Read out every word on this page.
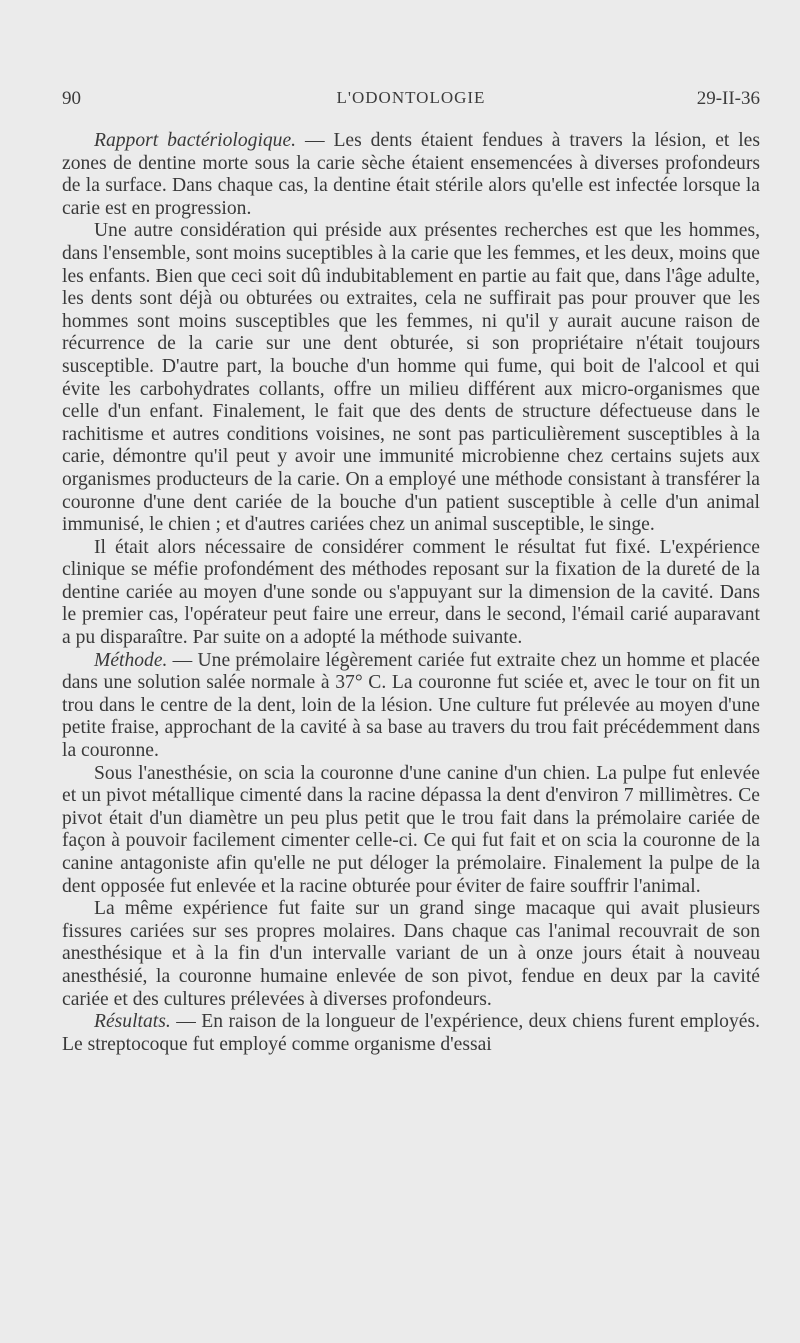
90	L'ODONTOLOGIE	29-II-36

Rapport bactériologique. — Les dents étaient fendues à travers la lésion, et les zones de dentine morte sous la carie sèche étaient ensemencées à diverses profondeurs de la surface. Dans chaque cas, la dentine était stérile alors qu'elle est infectée lorsque la carie est en progression.

Une autre considération qui préside aux présentes recherches est que les hommes, dans l'ensemble, sont moins suceptibles à la carie que les femmes, et les deux, moins que les enfants. Bien que ceci soit dû indubitablement en partie au fait que, dans l'âge adulte, les dents sont déjà ou obturées ou extraites, cela ne suffirait pas pour prouver que les hommes sont moins susceptibles que les femmes, ni qu'il y aurait aucune raison de récurrence de la carie sur une dent obturée, si son propriétaire n'était toujours susceptible. D'autre part, la bouche d'un homme qui fume, qui boit de l'alcool et qui évite les carbohydrates collants, offre un milieu différent aux micro-organismes que celle d'un enfant. Finalement, le fait que des dents de structure défectueuse dans le rachitisme et autres conditions voisines, ne sont pas particulièrement susceptibles à la carie, démontre qu'il peut y avoir une immunité microbienne chez certains sujets aux organismes producteurs de la carie. On a employé une méthode consistant à transférer la couronne d'une dent cariée de la bouche d'un patient susceptible à celle d'un animal immunisé, le chien ; et d'autres cariées chez un animal susceptible, le singe.

Il était alors nécessaire de considérer comment le résultat fut fixé. L'expérience clinique se méfie profondément des méthodes reposant sur la fixation de la dureté de la dentine cariée au moyen d'une sonde ou s'appuyant sur la dimension de la cavité. Dans le premier cas, l'opérateur peut faire une erreur, dans le second, l'émail carié auparavant a pu disparaître. Par suite on a adopté la méthode suivante.

Méthode. — Une prémolaire légèrement cariée fut extraite chez un homme et placée dans une solution salée normale à 37° C. La couronne fut sciée et, avec le tour on fit un trou dans le centre de la dent, loin de la lésion. Une culture fut prélevée au moyen d'une petite fraise, approchant de la cavité à sa base au travers du trou fait précédemment dans la couronne.

Sous l'anesthésie, on scia la couronne d'une canine d'un chien. La pulpe fut enlevée et un pivot métallique cimenté dans la racine dépassa la dent d'environ 7 millimètres. Ce pivot était d'un diamètre un peu plus petit que le trou fait dans la prémolaire cariée de façon à pouvoir facilement cimenter celle-ci. Ce qui fut fait et on scia la couronne de la canine antagoniste afin qu'elle ne put déloger la prémolaire. Finalement la pulpe de la dent opposée fut enlevée et la racine obturée pour éviter de faire souffrir l'animal.

La même expérience fut faite sur un grand singe macaque qui avait plusieurs fissures cariées sur ses propres molaires. Dans chaque cas l'animal recouvrait de son anesthésique et à la fin d'un intervalle variant de un à onze jours était à nouveau anesthésié, la couronne humaine enlevée de son pivot, fendue en deux par la cavité cariée et des cultures prélevées à diverses profondeurs.

Résultats. — En raison de la longueur de l'expérience, deux chiens furent employés. Le streptocoque fut employé comme organisme d'essai
